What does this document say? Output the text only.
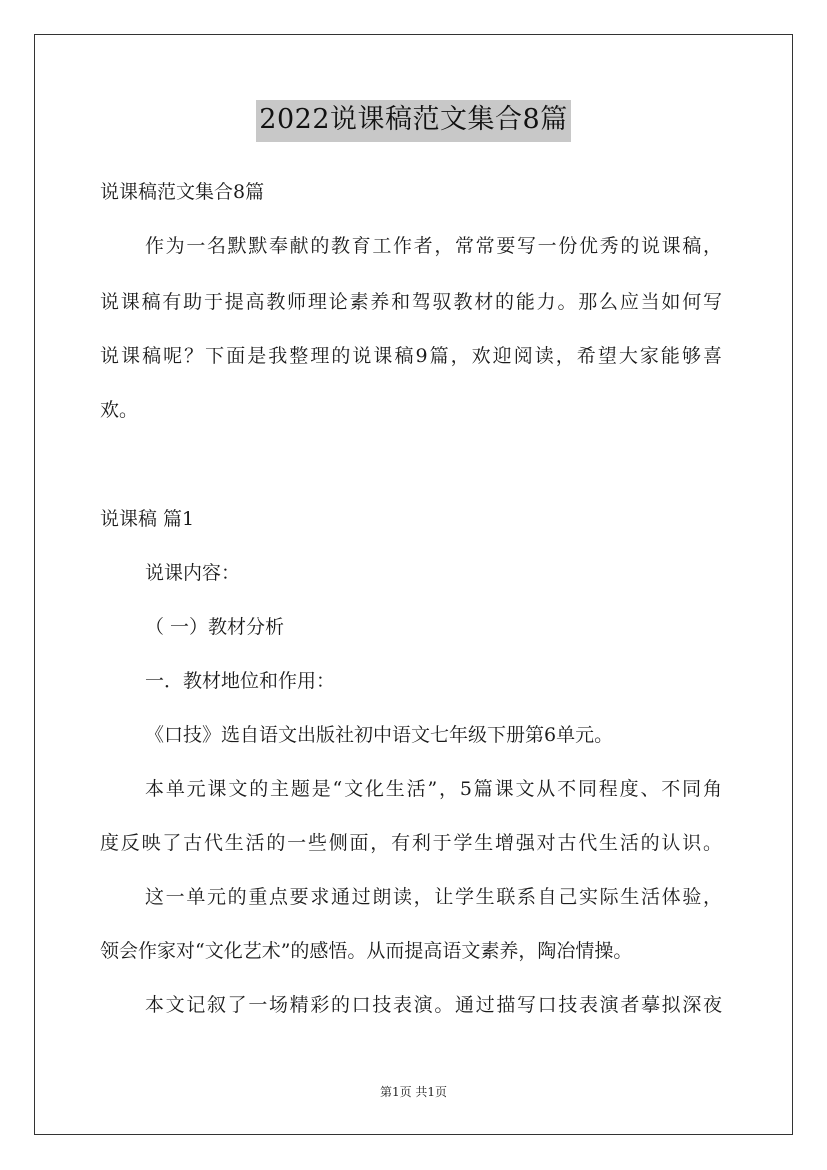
2022说课稿范文集合8篇
说课稿范文集合8篇
作为一名默默奉献的教育工作者，常常要写一份优秀的说课稿，
说课稿有助于提高教师理论素养和驾驭教材的能力。那么应当如何写
说课稿呢？下面是我整理的说课稿9篇，欢迎阅读，希望大家能够喜
欢。
说课稿 篇1
说课内容：
（ 一）教材分析
一．教材地位和作用：
《口技》选自语文出版社初中语文七年级下册第6单元。
本单元课文的主题是“文化生活”，5篇课文从不同程度、不同角
度反映了古代生活的一些侧面，有利于学生增强对古代生活的认识。
这一单元的重点要求通过朗读，让学生联系自己实际生活体验，
领会作家对“文化艺术”的感悟。从而提高语文素养，陶冶情操。
本文记叙了一场精彩的口技表演。通过描写口技表演者摹拟深夜
第1页 共1页
